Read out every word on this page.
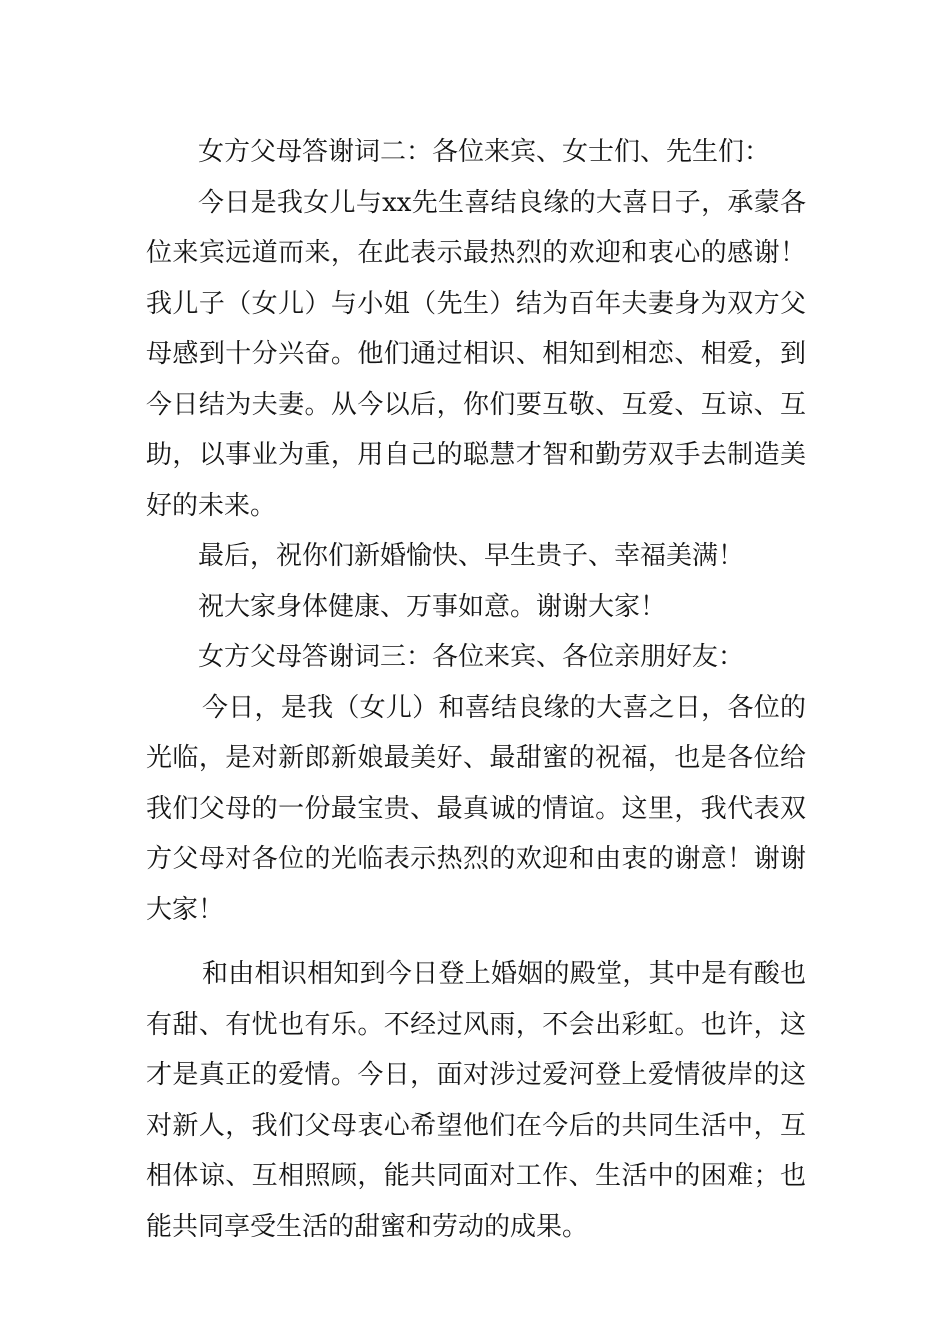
女方父母答谢词二：各位来宾、女士们、先生们：

今日是我女儿与xx先生喜结良缘的大喜日子，承蒙各位来宾远道而来，在此表示最热烈的欢迎和衷心的感谢！我儿子（女儿）与小姐（先生）结为百年夫妻身为双方父母感到十分兴奋。他们通过相识、相知到相恋、相爱，到今日结为夫妻。从今以后，你们要互敬、互爱、互谅、互助，以事业为重，用自己的聪慧才智和勤劳双手去制造美好的未来。

最后，祝你们新婚愉快、早生贵子、幸福美满！

祝大家身体健康、万事如意。谢谢大家！

女方父母答谢词三：各位来宾、各位亲朋好友：

今日，是我（女儿）和喜结良缘的大喜之日，各位的光临，是对新郎新娘最美好、最甜蜜的祝福，也是各位给我们父母的一份最宝贵、最真诚的情谊。这里，我代表双方父母对各位的光临表示热烈的欢迎和由衷的谢意！谢谢大家！

和由相识相知到今日登上婚姻的殿堂，其中是有酸也有甜、有忧也有乐。不经过风雨，不会出彩虹。也许，这才是真正的爱情。今日，面对涉过爱河登上爱情彼岸的这对新人，我们父母衷心希望他们在今后的共同生活中，互相体谅、互相照顾，能共同面对工作、生活中的困难；也能共同享受生活的甜蜜和劳动的成果。
